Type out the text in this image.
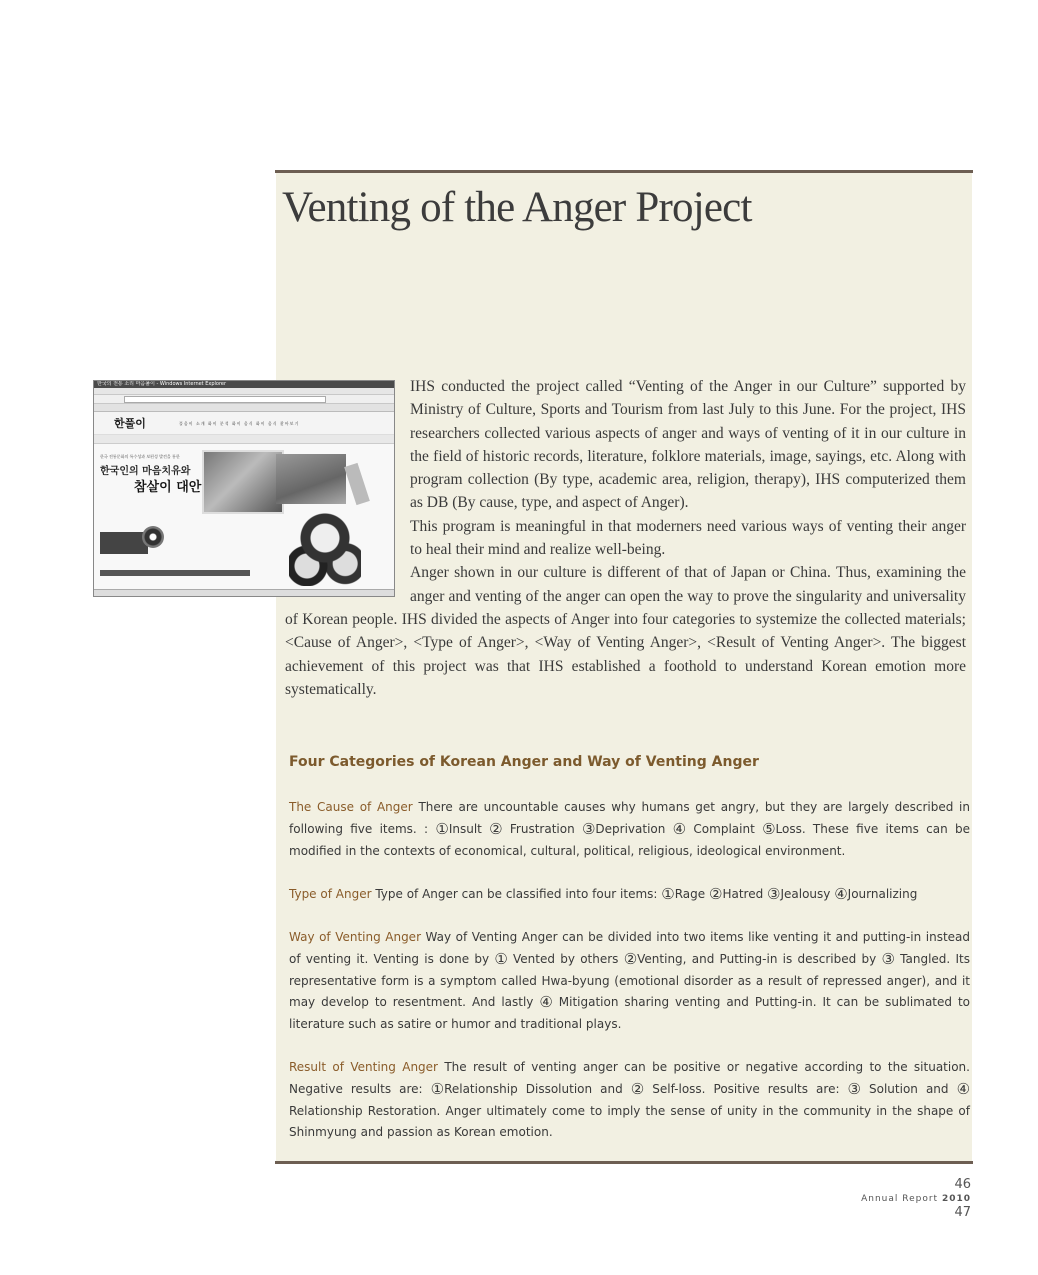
Venting of the Anger Project
한국의 전통 소리 마음풀이 - Windows Internet Explorer
한풀이	풀음이 소개 화이 분석 화이 음식 화이 음식 찾아보기
한국 전통문화의 특수성과 보편성 발견을 통한
한국인의 마음치유와
참살이 대안

IHS conducted the project called “Venting of the Anger in our Culture” supported by Ministry of Culture, Sports and Tourism from last July to this June. For the project, IHS researchers collected various aspects of anger and ways of venting of it in our culture in the field of historic records, literature, folklore materials, image, sayings, etc. Along with program collection (By type, academic area, religion, therapy), IHS computerized them as DB (By cause, type, and aspect of Anger).

This program is meaningful in that moderners need various ways of venting their anger to heal their mind and realize well-being.

Anger shown in our culture is different of that of Japan or China. Thus, examining the anger and venting of the anger can open the way to prove the singularity and universality of Korean people. IHS divided the aspects of Anger into four categories to systemize the collected materials; <Cause of Anger>, <Type of Anger>, <Way of Venting Anger>, <Result of Venting Anger>. The biggest achievement of this project was that IHS established a foothold to understand Korean emotion more systematically.

Four Categories of Korean Anger and Way of Venting Anger

The Cause of Anger There are uncountable causes why humans get angry, but they are largely described in following five items. : ①Insult ② Frustration ③Deprivation ④ Complaint ⑤Loss. These five items can be modified in the contexts of economical, cultural, political, religious, ideological environment.

Type of Anger Type of Anger can be classified into four items: ①Rage ②Hatred ③Jealousy ④Journalizing

Way of Venting Anger Way of Venting Anger can be divided into two items like venting it and putting-in instead of venting it. Venting is done by ① Vented by others ②Venting, and Putting-in is described by ③ Tangled. Its representative form is a symptom called Hwa-byung (emotional disorder as a result of repressed anger), and it may develop to resentment. And lastly ④ Mitigation sharing venting and Putting-in. It can be sublimated to literature such as satire or humor and traditional plays.

Result of Venting Anger The result of venting anger can be positive or negative according to the situation. Negative results are: ①Relationship Dissolution and ② Self-loss. Positive results are: ③ Solution and ④Relationship Restoration. Anger ultimately come to imply the sense of unity in the community in the shape of Shinmyung and passion as Korean emotion.

46
Annual Report 2010
47
